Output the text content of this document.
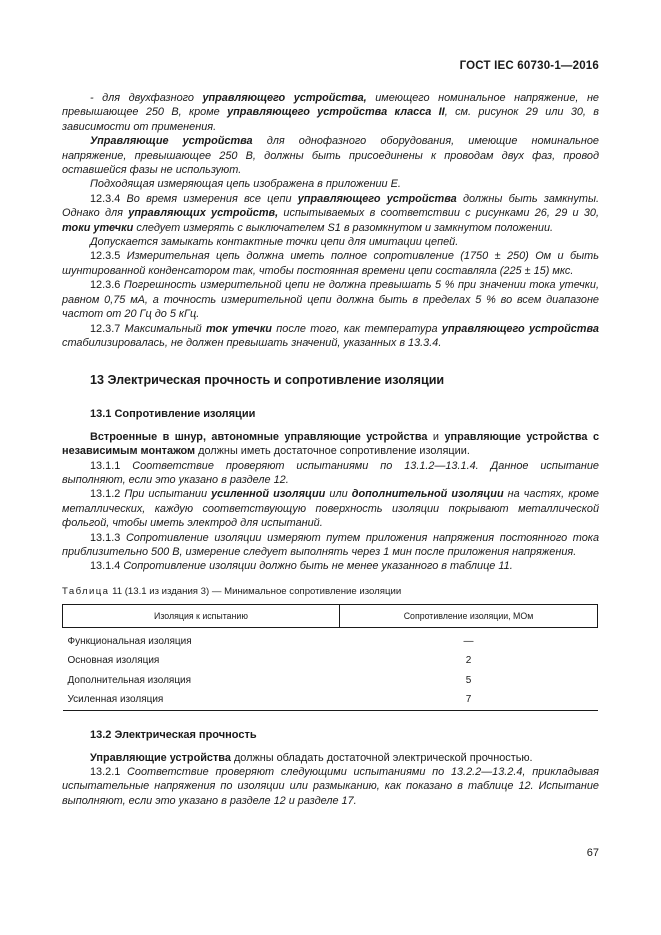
ГОСТ IEC 60730-1—2016

- для двухфазного управляющего устройства, имеющего номинальное напряжение, не превышающее 250 В, кроме управляющего устройства класса II, см. рисунок 29 или 30, в зависимости от применения.

Управляющие устройства для однофазного оборудования, имеющие номинальное напряжение, превышающее 250 В, должны быть присоединены к проводам двух фаз, провод оставшейся фазы не используют.

Подходящая измеряющая цепь изображена в приложении Е.

12.3.4 Во время измерения все цепи управляющего устройства должны быть замкнуты. Однако для управляющих устройств, испытываемых в соответствии с рисунками 26, 29 и 30, токи утечки следует измерять с выключателем S1 в разомкнутом и замкнутом положении.

Допускается замыкать контактные точки цепи для имитации цепей.

12.3.5 Измерительная цепь должна иметь полное сопротивление (1750 ± 250) Ом и быть шунтированной конденсатором так, чтобы постоянная времени цепи составляла (225 ± 15) мкс.

12.3.6 Погрешность измерительной цепи не должна превышать 5 % при значении тока утечки, равном 0,75 мА, а точность измерительной цепи должна быть в пределах 5 % во всем диапазоне частот от 20 Гц до 5 кГц.

12.3.7 Максимальный ток утечки после того, как температура управляющего устройства стабилизировалась, не должен превышать значений, указанных в 13.3.4.

13 Электрическая прочность и сопротивление изоляции
13.1 Сопротивление изоляции

Встроенные в шнур, автономные управляющие устройства и управляющие устройства с независимым монтажом должны иметь достаточное сопротивление изоляции.

13.1.1 Соответствие проверяют испытаниями по 13.1.2—13.1.4. Данное испытание выполняют, если это указано в разделе 12.

13.1.2 При испытании усиленной изоляции или дополнительной изоляции на частях, кроме металлических, каждую соответствующую поверхность изоляции покрывают металлической фольгой, чтобы иметь электрод для испытаний.

13.1.3 Сопротивление изоляции измеряют путем приложения напряжения постоянного тока приблизительно 500 В, измерение следует выполнять через 1 мин после приложения напряжения.

13.1.4 Сопротивление изоляции должно быть не менее указанного в таблице 11.

Таблица 11 (13.1 из издания 3) — Минимальное сопротивление изоляции
Изоляция к испытанию	Сопротивление изоляции, МОм
Функциональная изоляция	—
Основная изоляция	2
Дополнительная изоляция	5
Усиленная изоляция	7
13.2 Электрическая прочность

Управляющие устройства должны обладать достаточной электрической прочностью.

13.2.1 Соответствие проверяют следующими испытаниями по 13.2.2—13.2.4, прикладывая испытательные напряжения по изоляции или размыканию, как показано в таблице 12. Испытание выполняют, если это указано в разделе 12 и разделе 17.

67
